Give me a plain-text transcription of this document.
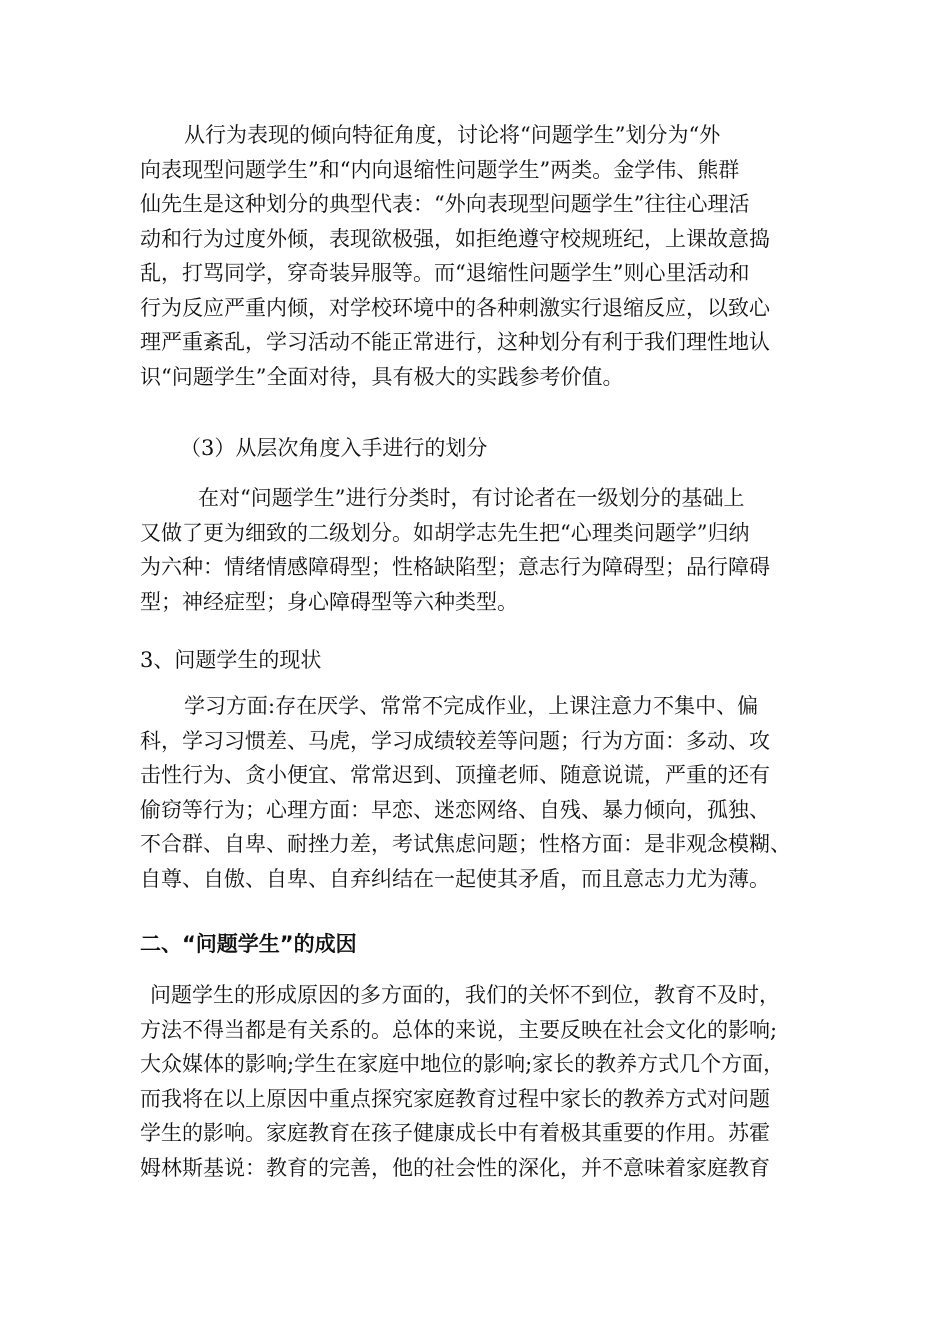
从行为表现的倾向特征角度，讨论将“问题学生”划分为“外
向表现型问题学生”和“内向退缩性问题学生”两类。金学伟、熊群
仙先生是这种划分的典型代表：“外向表现型问题学生”往往心理活
动和行为过度外倾，表现欲极强，如拒绝遵守校规班纪，上课故意捣
乱，打骂同学，穿奇装异服等。而“退缩性问题学生”则心里活动和
行为反应严重内倾，对学校环境中的各种刺激实行退缩反应，以致心
理严重紊乱，学习活动不能正常进行，这种划分有利于我们理性地认
识“问题学生”全面对待，具有极大的实践参考价值。
（3）从层次角度入手进行的划分
在对“问题学生”进行分类时，有讨论者在一级划分的基础上
又做了更为细致的二级划分。如胡学志先生把“心理类问题学”归纳
为六种：情绪情感障碍型；性格缺陷型；意志行为障碍型；品行障碍
型；神经症型；身心障碍型等六种类型。
3、问题学生的现状
学习方面:存在厌学、常常不完成作业，上课注意力不集中、偏
科，学习习惯差、马虎，学习成绩较差等问题；行为方面：多动、攻
击性行为、贪小便宜、常常迟到、顶撞老师、随意说谎，严重的还有
偷窃等行为；心理方面：早恋、迷恋网络、自残、暴力倾向，孤独、
不合群、自卑、耐挫力差，考试焦虑问题；性格方面：是非观念模糊、
自尊、自傲、自卑、自弃纠结在一起使其矛盾，而且意志力尤为薄。
二、“问题学生”的成因
问题学生的形成原因的多方面的，我们的关怀不到位，教育不及时，
方法不得当都是有关系的。总体的来说，主要反映在社会文化的影响;
大众媒体的影响;学生在家庭中地位的影响;家长的教养方式几个方面，
而我将在以上原因中重点探究家庭教育过程中家长的教养方式对问题
学生的影响。家庭教育在孩子健康成长中有着极其重要的作用。苏霍
姆林斯基说：教育的完善，他的社会性的深化，并不意味着家庭教育
